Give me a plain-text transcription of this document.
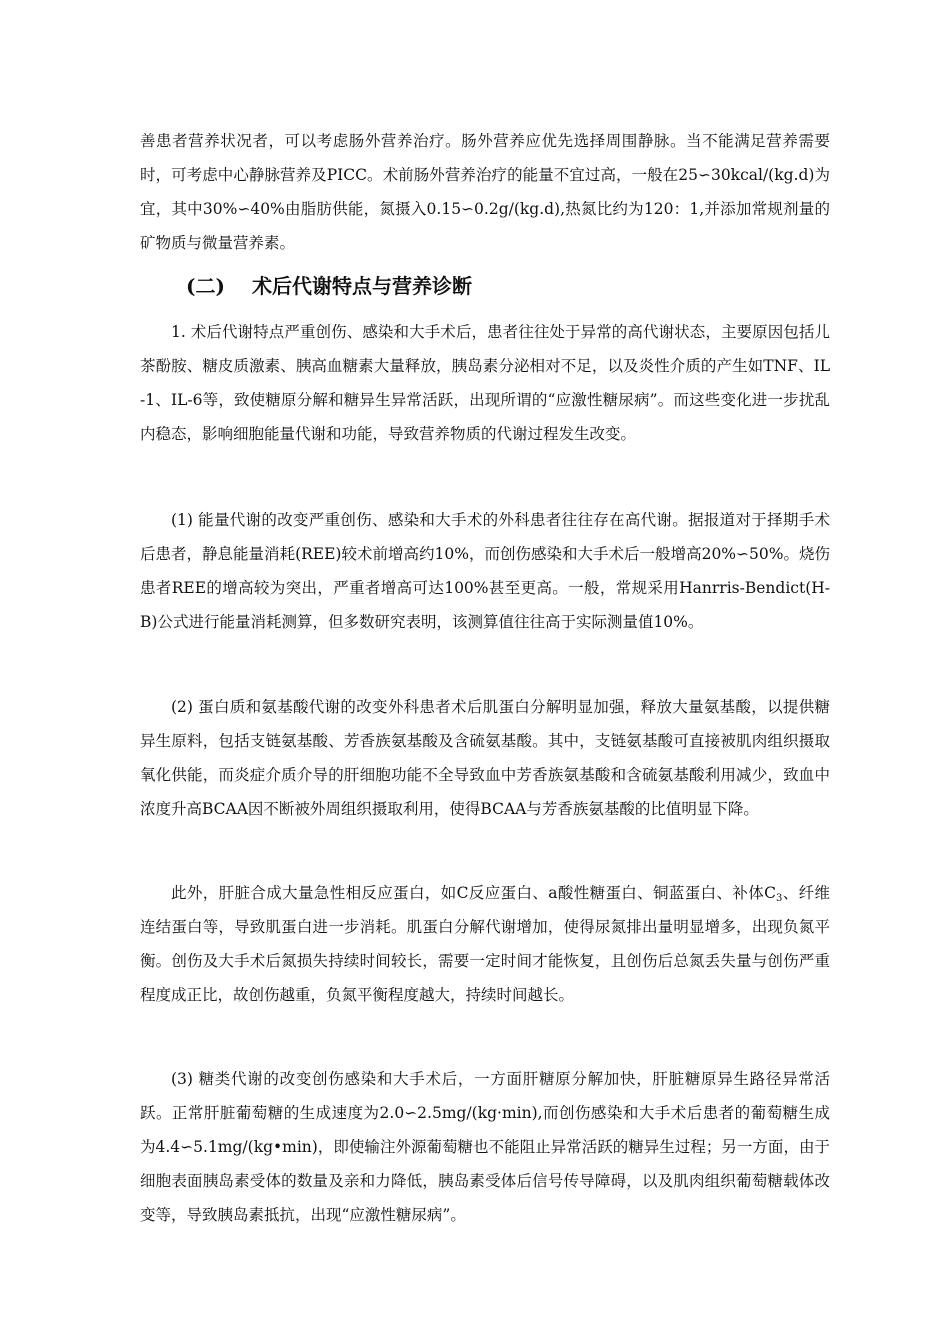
善患者营养状况者，可以考虑肠外营养治疗。肠外营养应优先选择周围静脉。当不能满足营养需要时，可考虑中心静脉营养及PICC。术前肠外营养治疗的能量不宜过高，一般在25∽30kcal/(kg.d)为宜，其中30%∽40%由脂肪供能，氮摄入0.15∽0.2g/(kg.d),热氮比约为120：1,并添加常规剂量的矿物质与微量营养素。

(二) 术后代谢特点与营养诊断

1. 术后代谢特点严重创伤、感染和大手术后，患者往往处于异常的高代谢状态，主要原因包括儿茶酚胺、糖皮质激素、胰高血糖素大量释放，胰岛素分泌相对不足，以及炎性介质的产生如TNF、IL-1、IL-6等，致使糖原分解和糖异生异常活跃，出现所谓的“应激性糖尿病”。而这些变化进一步扰乱内稳态，影响细胞能量代谢和功能，导致营养物质的代谢过程发生改变。

(1) 能量代谢的改变严重创伤、感染和大手术的外科患者往往存在高代谢。据报道对于择期手术后患者，静息能量消耗(REE)较术前增高约10%，而创伤感染和大手术后一般增高20%∽50%。烧伤患者REE的增高较为突出，严重者增高可达100%甚至更高。一般，常规采用Hanrris-Bendict(H-B)公式进行能量消耗测算，但多数研究表明，该测算值往往高于实际测量值10%。

(2) 蛋白质和氨基酸代谢的改变外科患者术后肌蛋白分解明显加强，释放大量氨基酸，以提供糖异生原料，包括支链氨基酸、芳香族氨基酸及含硫氨基酸。其中，支链氨基酸可直接被肌肉组织摄取氧化供能，而炎症介质介导的肝细胞功能不全导致血中芳香族氨基酸和含硫氨基酸利用减少，致血中浓度升高BCAA因不断被外周组织摄取利用，使得BCAA与芳香族氨基酸的比值明显下降。

此外，肝脏合成大量急性相反应蛋白，如C反应蛋白、a酸性糖蛋白、铜蓝蛋白、补体$C_3$、纤维连结蛋白等，导致肌蛋白进一步消耗。肌蛋白分解代谢增加，使得尿氮排出量明显增多，出现负氮平衡。创伤及大手术后氮损失持续时间较长，需要一定时间才能恢复，且创伤后总氮丢失量与创伤严重程度成正比，故创伤越重，负氮平衡程度越大，持续时间越长。

(3) 糖类代谢的改变创伤感染和大手术后，一方面肝糖原分解加快，肝脏糖原异生路径异常活跃。正常肝脏葡萄糖的生成速度为2.0∽2.5mg/(kg·min),而创伤感染和大手术后患者的葡萄糖生成为4.4∽5.1mg/(kg•min)，即使输注外源葡萄糖也不能阻止异常活跃的糖异生过程；另一方面，由于细胞表面胰岛素受体的数量及亲和力降低，胰岛素受体后信号传导障碍，以及肌肉组织葡萄糖载体改变等，导致胰岛素抵抗，出现“应激性糖尿病”。
